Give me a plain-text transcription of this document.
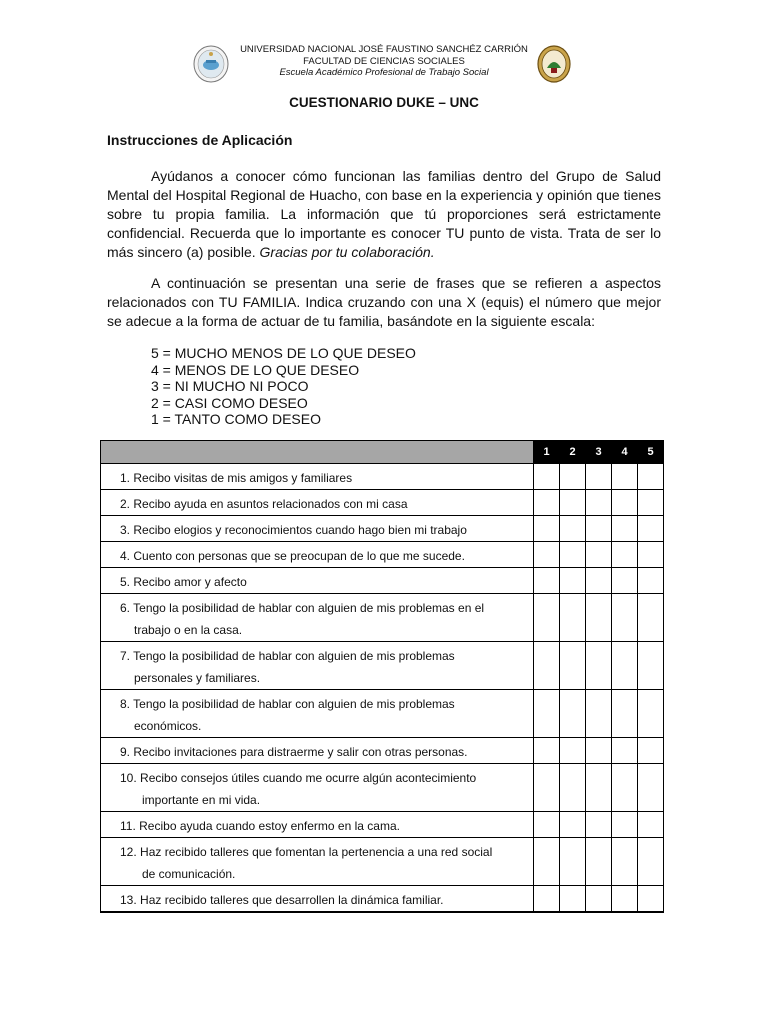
UNIVERSIDAD NACIONAL JOSÉ FAUSTINO SANCHÉZ CARRIÓN
FACULTAD DE CIENCIAS SOCIALES
Escuela Académico Profesional de Trabajo Social
CUESTIONARIO DUKE – UNC
Instrucciones de Aplicación
Ayúdanos a conocer cómo funcionan las familias dentro del Grupo de Salud Mental del Hospital Regional de Huacho, con base en la experiencia y opinión que tienes sobre tu propia familia. La información que tú proporciones será estrictamente confidencial. Recuerda que lo importante es conocer TU punto de vista. Trata de ser lo más sincero (a) posible. Gracias por tu colaboración.
A continuación se presentan una serie de frases que se refieren a aspectos relacionados con TU FAMILIA. Indica cruzando con una X (equis) el número que mejor se adecue a la forma de actuar de tu familia, basándote en la siguiente escala:
5 = MUCHO MENOS DE LO QUE DESEO
4 = MENOS DE LO QUE DESEO
3 = NI MUCHO NI POCO
2 = CASI COMO DESEO
1 = TANTO COMO DESEO
	1	2	3	4	5

1. Recibo visitas de mis amigos y familiares					

2. Recibo ayuda en asuntos relacionados con mi casa					

3. Recibo elogios y reconocimientos cuando hago bien mi trabajo					

4. Cuento con personas que se preocupan de lo que me sucede.					

5. Recibo amor y afecto					

6. Tengo la posibilidad de hablar con alguien de mis problemas en el
trabajo o en la casa.					

7. Tengo la posibilidad de hablar con alguien de mis problemas
personales y familiares.					

8. Tengo la posibilidad de hablar con alguien de mis problemas
económicos.					

9. Recibo invitaciones para distraerme y salir con otras personas.					

10. Recibo consejos útiles cuando me ocurre algún acontecimiento
importante en mi vida.					

11. Recibo ayuda cuando estoy enfermo en la cama.					

12. Haz recibido talleres que fomentan la pertenencia a una red social
de comunicación.					

13. Haz recibido talleres que desarrollen la dinámica familiar.					
